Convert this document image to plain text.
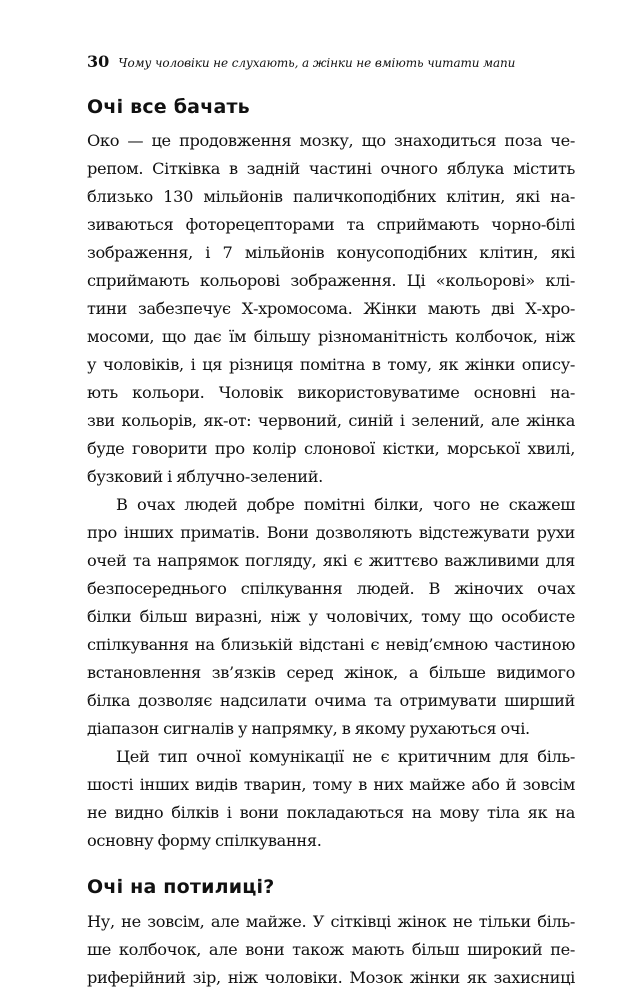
30 Чому чоловіки не слухають, а жінки не вміють читати мапи
Очі все бачать
Око — це продовження мозку, що знаходиться поза че-
репом. Сітківка в задній частині очного яблука містить
близько 130 мільйонів паличкоподібних клітин, які на-
зиваються фоторецепторами та сприймають чорно-білі
зображення, і 7 мільйонів конусоподібних клітин, які
сприймають кольорові зображення. Ці «кольорові» клі-
тини забезпечує Х-хромосома. Жінки мають дві Х-хро-
мосоми, що дає їм більшу різноманітність колбочок, ніж
у чоловіків, і ця різниця помітна в тому, як жінки опису-
ють кольори. Чоловік використовуватиме основні на-
зви кольорів, як-от: червоний, синій і зелений, але жінка
буде говорити про колір слонової кістки, морської хвилі,
бузковий і яблучно-зелений.
В очах людей добре помітні білки, чого не скажеш
про інших приматів. Вони дозволяють відстежувати рухи
очей та напрямок погляду, які є життєво важливими для
безпосереднього спілкування людей. В жіночих очах
білки більш виразні, ніж у чоловічих, тому що особисте
спілкування на близькій відстані є невід’ємною частиною
встановлення зв’язків серед жінок, а більше видимого
білка дозволяє надсилати очима та отримувати ширший
діапазон сигналів у напрямку, в якому рухаються очі.
Цей тип очної комунікації не є критичним для біль-
шості інших видів тварин, тому в них майже або й зовсім
не видно білків і вони покладаються на мову тіла як на
основну форму спілкування.
Очі на потилиці?
Ну, не зовсім, але майже. У сітківці жінок не тільки біль-
ше колбочок, але вони також мають більш широкий пе-
риферійний зір, ніж чоловіки. Мозок жінки як захисниці
